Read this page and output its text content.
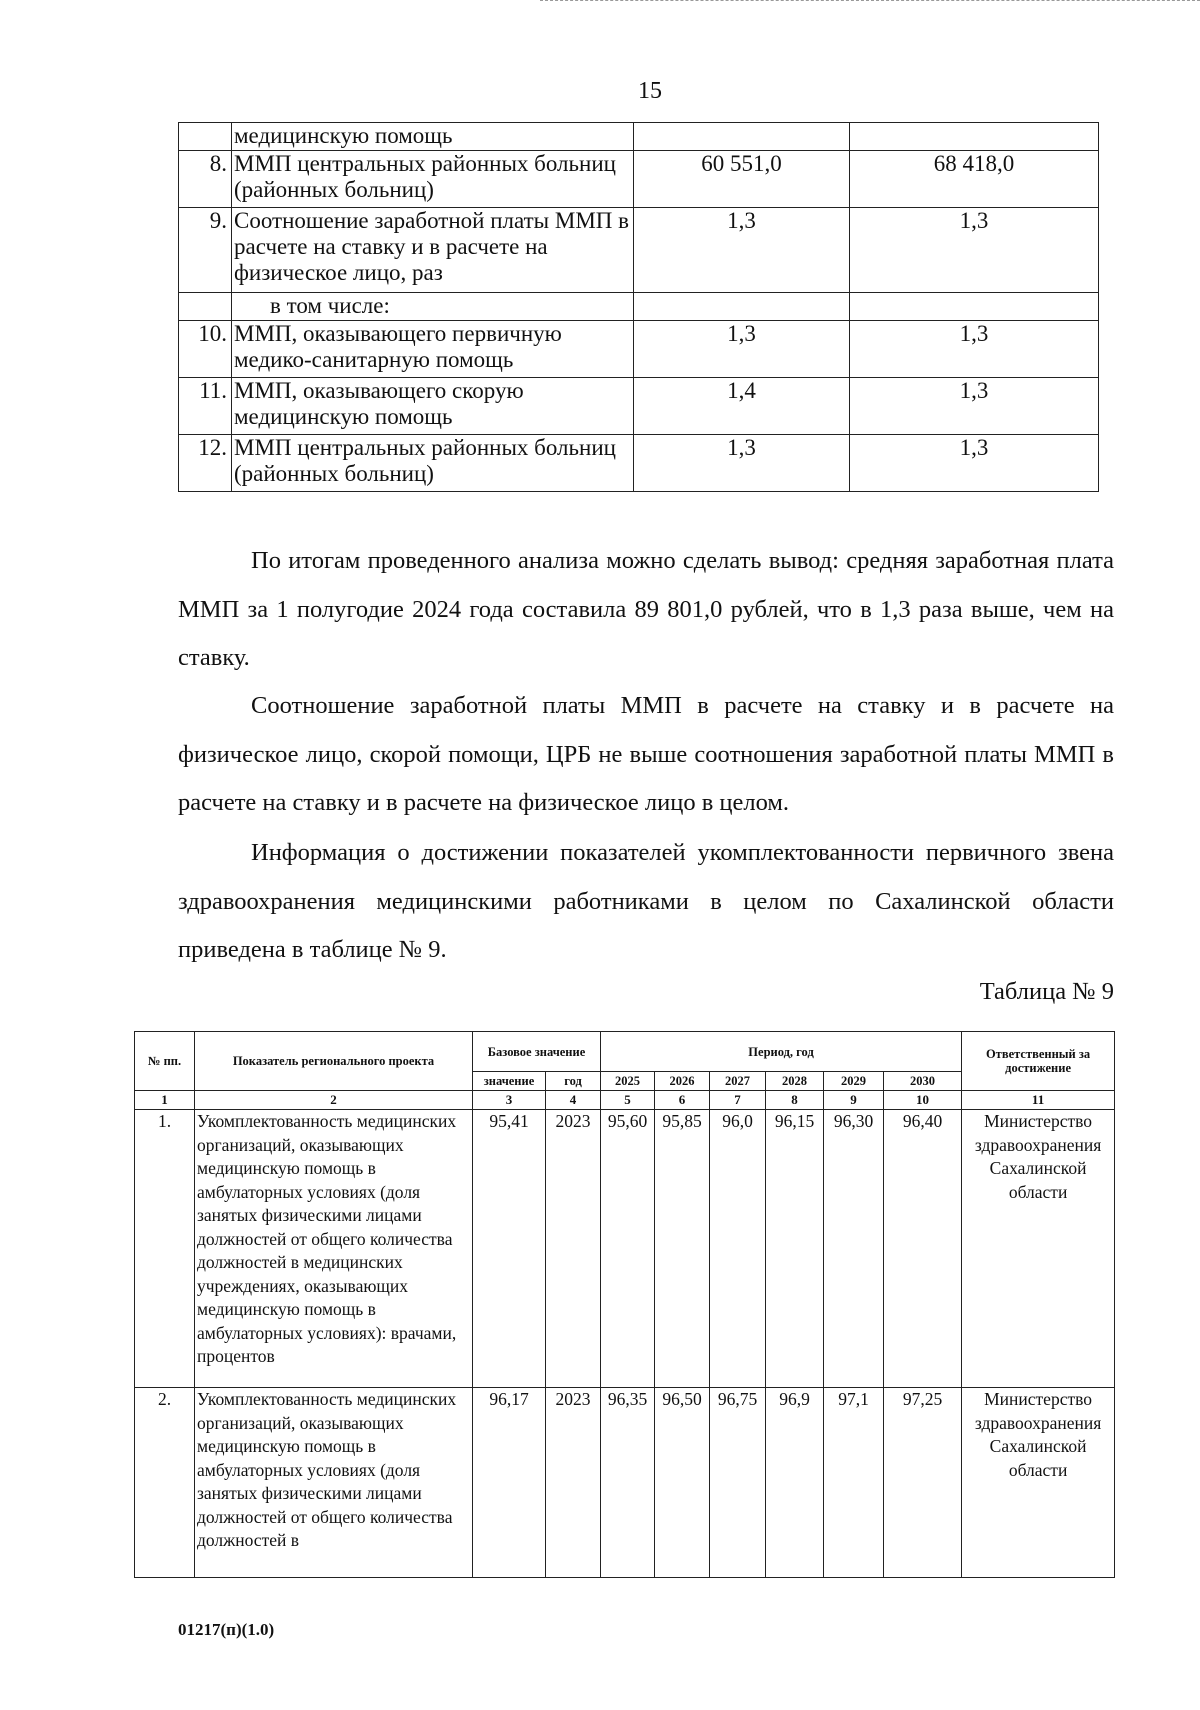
15
	медицинскую помощь		
8.	ММП центральных районных больниц (районных больниц)	60 551,0	68 418,0
9.	Соотношение заработной платы ММП в расчете на ставку и в расчете на физическое лицо, раз	1,3	1,3
	в том числе:		
10.	ММП, оказывающего первичную медико-санитарную помощь	1,3	1,3
11.	ММП, оказывающего скорую медицинскую помощь	1,4	1,3
12.	ММП центральных районных больниц (районных больниц)	1,3	1,3

По итогам проведенного анализа можно сделать вывод: средняя заработная плата ММП за 1 полугодие 2024 года составила 89 801,0 рублей, что в 1,3 раза выше, чем на ставку.

Соотношение заработной платы ММП в расчете на ставку и в расчете на физическое лицо, скорой помощи, ЦРБ не выше соотношения заработной платы ММП в расчете на ставку и в расчете на физическое лицо в целом.

Информация о достижении показателей укомплектованности первичного звена здравоохранения медицинскими работниками в целом по Сахалинской области приведена в таблице № 9.

Таблица № 9
№ пп.	Показатель регионального проекта	Базовое значение		Период, год						Ответственный за достижение
		значение	год	2025	2026	2027	2028	2029	2030	
1	2	3	4	5	6	7	8	9	10	11
1.	Укомплектованность медицинских организаций, оказывающих медицинскую помощь в амбулаторных условиях (доля занятых физическими лицами должностей от общего количества должностей в медицинских учреждениях, оказывающих медицинскую помощь в амбулаторных условиях): врачами, процентов	95,41	2023	95,60	95,85	96,0	96,15	96,30	96,40	Министерство здравоохранения Сахалинской области
2.	Укомплектованность медицинских организаций, оказывающих медицинскую помощь в амбулаторных условиях (доля занятых физическими лицами должностей от общего количества должностей в	96,17	2023	96,35	96,50	96,75	96,9	97,1	97,25	Министерство здравоохранения Сахалинской области
01217(п)(1.0)
